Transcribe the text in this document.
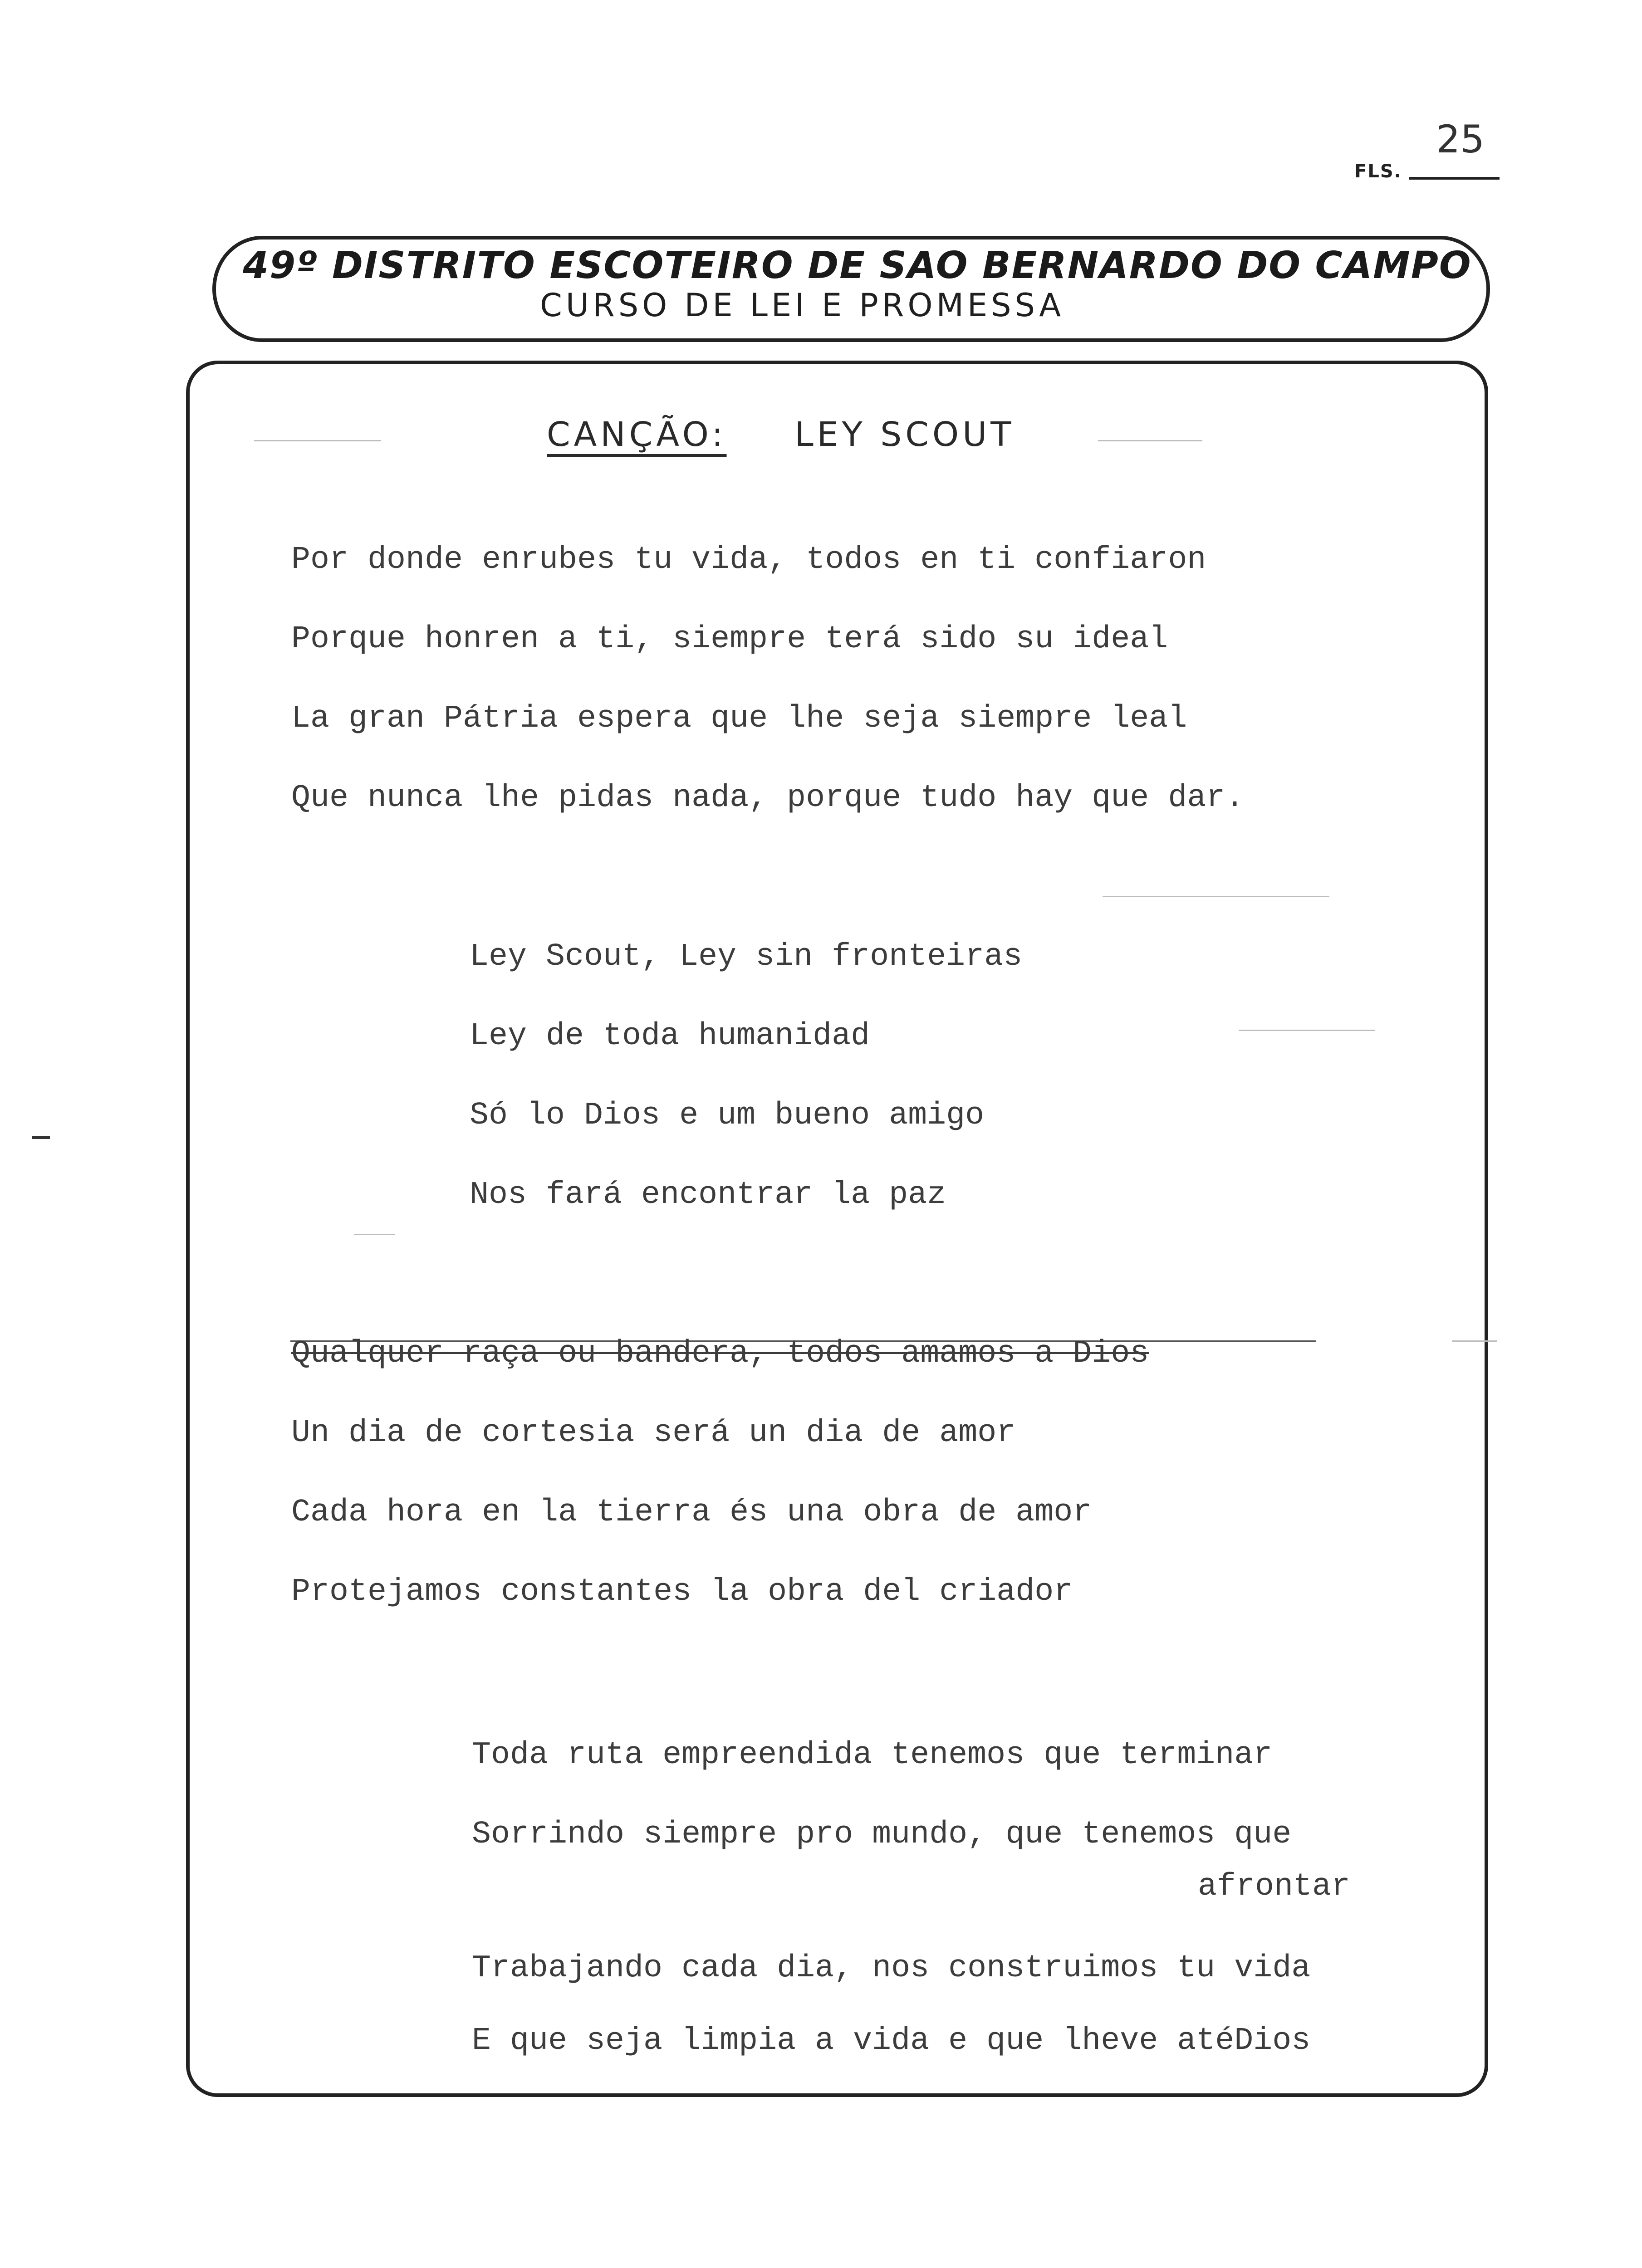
25
FLS.
49º DISTRITO ESCOTEIRO DE SAO BERNARDO DO CAMPO
CURSO DE LEI E PROMESSA
CANÇÃO: LEY SCOUT
Por donde enrubes tu vida, todos en ti confiaron
Porque honren a ti, siempre terá sido su ideal
La gran Pátria espera que lhe seja siempre leal
Que nunca lhe pidas nada, porque tudo hay que dar.
Ley Scout, Ley sin fronteiras
Ley de toda humanidad
Só lo Dios e um bueno amigo
Nos fará encontrar la paz
Qualquer raça ou bandera, todos amamos a Dios
Un dia de cortesia será un dia de amor
Cada hora en la tierra és una obra de amor
Protejamos constantes la obra del criador
Toda ruta empreendida tenemos que terminar
Sorrindo siempre pro mundo, que tenemos que
afrontar
Trabajando cada dia, nos construimos tu vida
E que seja limpia a vida e que lheve atéDios
